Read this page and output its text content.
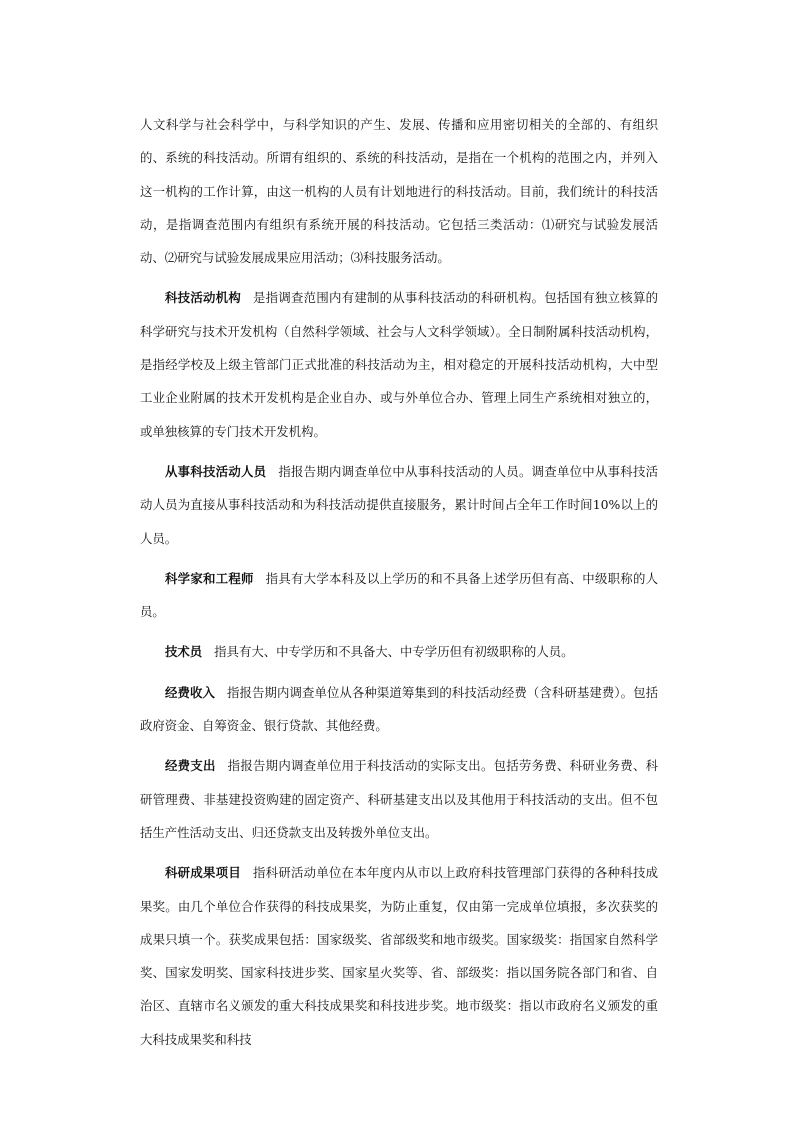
人文科学与社会科学中，与科学知识的产生、发展、传播和应用密切相关的全部的、有组织的、系统的科技活动。所谓有组织的、系统的科技活动，是指在一个机构的范围之内，并列入这一机构的工作计算，由这一机构的人员有计划地进行的科技活动。目前，我们统计的科技活动，是指调查范围内有组织有系统开展的科技活动。它包括三类活动：⑴研究与试验发展活动、⑵研究与试验发展成果应用活动；⑶科技服务活动。

科技活动机构 是指调查范围内有建制的从事科技活动的科研机构。包括国有独立核算的科学研究与技术开发机构（自然科学领域、社会与人文科学领域）。全日制附属科技活动机构，是指经学校及上级主管部门正式批准的科技活动为主，相对稳定的开展科技活动机构，大中型工业企业附属的技术开发机构是企业自办、或与外单位合办、管理上同生产系统相对独立的，或单独核算的专门技术开发机构。

从事科技活动人员 指报告期内调查单位中从事科技活动的人员。调查单位中从事科技活动人员为直接从事科技活动和为科技活动提供直接服务，累计时间占全年工作时间10%以上的人员。

科学家和工程师 指具有大学本科及以上学历的和不具备上述学历但有高、中级职称的人员。

技术员 指具有大、中专学历和不具备大、中专学历但有初级职称的人员。

经费收入 指报告期内调查单位从各种渠道筹集到的科技活动经费（含科研基建费）。包括政府资金、自筹资金、银行贷款、其他经费。

经费支出 指报告期内调查单位用于科技活动的实际支出。包括劳务费、科研业务费、科研管理费、非基建投资购建的固定资产、科研基建支出以及其他用于科技活动的支出。但不包括生产性活动支出、归还贷款支出及转拨外单位支出。

科研成果项目 指科研活动单位在本年度内从市以上政府科技管理部门获得的各种科技成果奖。由几个单位合作获得的科技成果奖，为防止重复，仅由第一完成单位填报，多次获奖的成果只填一个。获奖成果包括：国家级奖、省部级奖和地市级奖。国家级奖：指国家自然科学奖、国家发明奖、国家科技进步奖、国家星火奖等、省、部级奖：指以国务院各部门和省、自治区、直辖市名义颁发的重大科技成果奖和科技进步奖。地市级奖：指以市政府名义颁发的重大科技成果奖和科技
